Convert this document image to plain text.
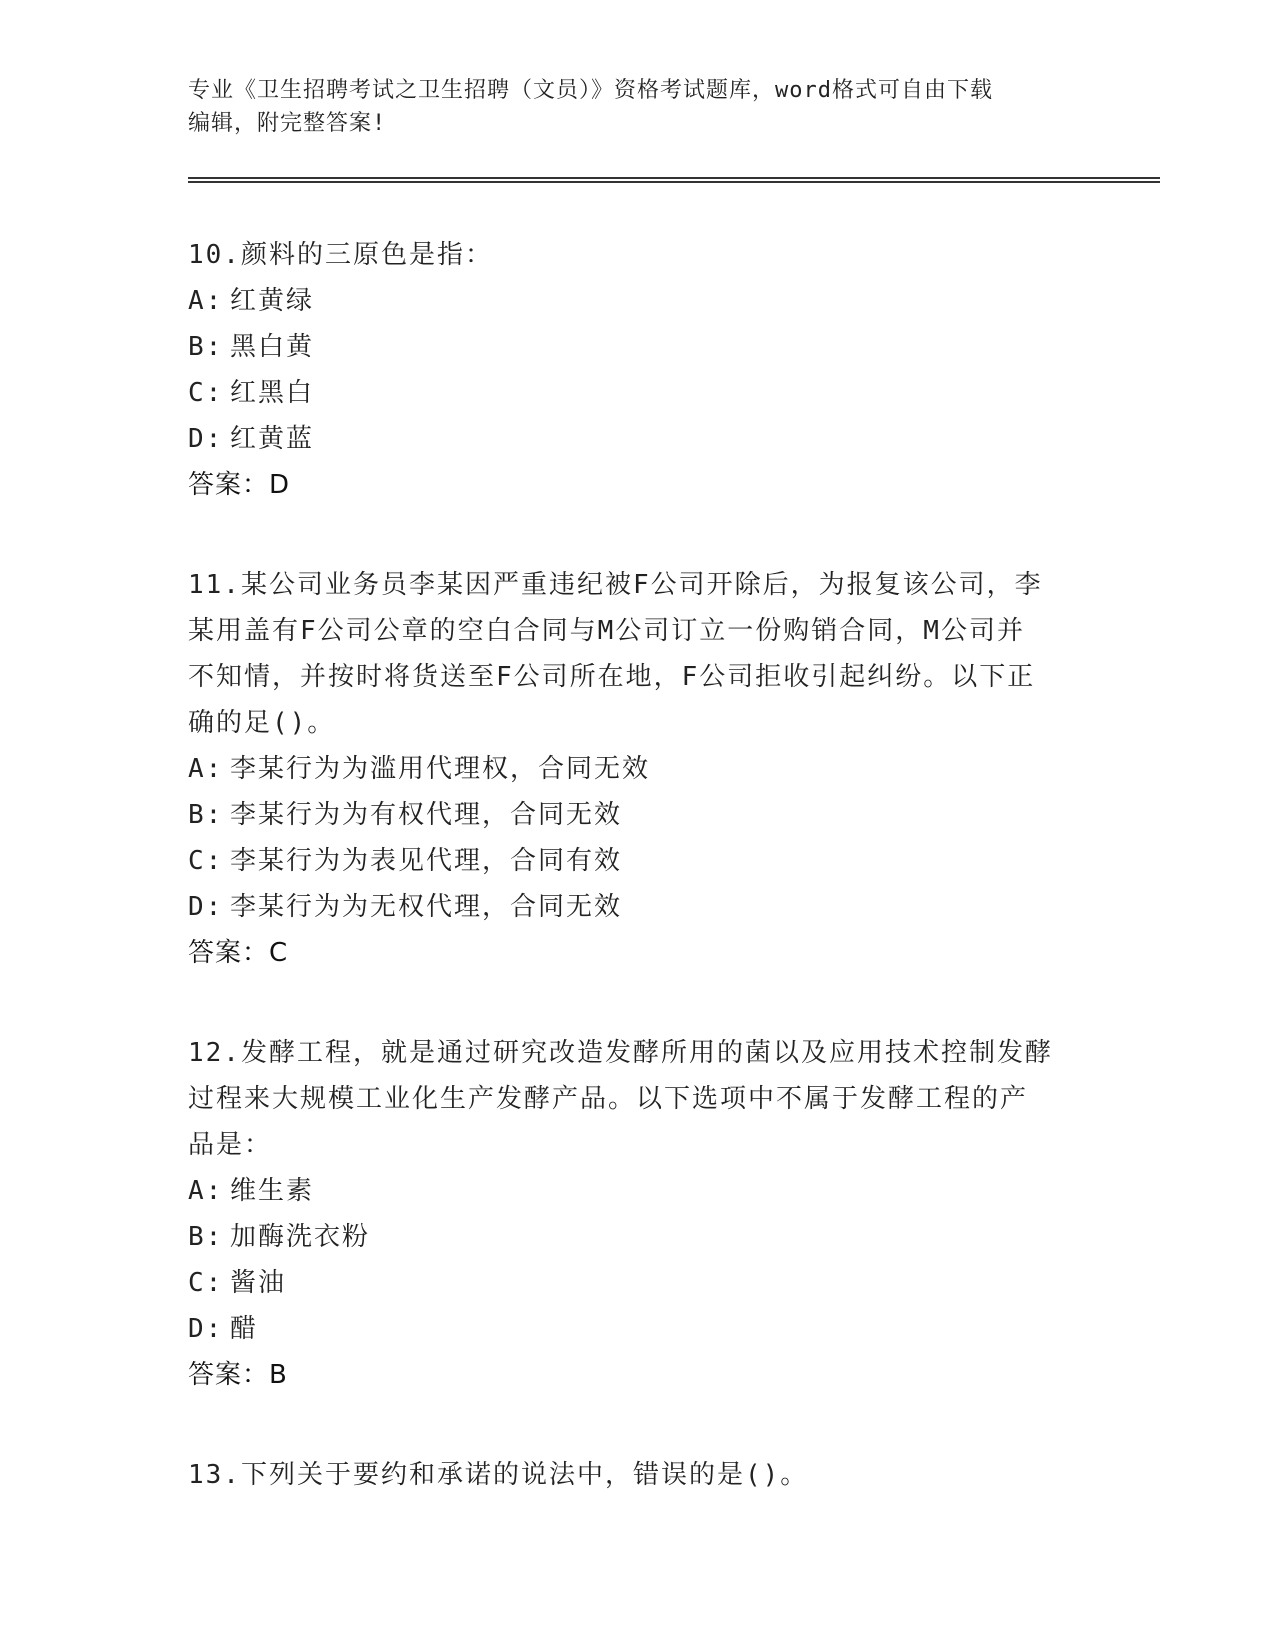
专业《卫生招聘考试之卫生招聘（文员）》资格考试题库，word格式可自由下载
编辑，附完整答案!

10.颜料的三原色是指：

A: 红黄绿

B: 黑白黄

C: 红黑白

D: 红黄蓝

答案：D

11.某公司业务员李某因严重违纪被F公司开除后，为报复该公司，李

某用盖有F公司公章的空白合同与M公司订立一份购销合同，M公司并

不知情，并按时将货送至F公司所在地，F公司拒收引起纠纷。以下正

确的足()。

A: 李某行为为滥用代理权，合同无效

B: 李某行为为有权代理，合同无效

C: 李某行为为表见代理，合同有效

D: 李某行为为无权代理，合同无效

答案：C

12.发酵工程，就是通过研究改造发酵所用的菌以及应用技术控制发酵

过程来大规模工业化生产发酵产品。以下选项中不属于发酵工程的产

品是：

A: 维生素

B: 加酶洗衣粉

C: 酱油

D: 醋

答案：B

13.下列关于要约和承诺的说法中，错误的是()。
